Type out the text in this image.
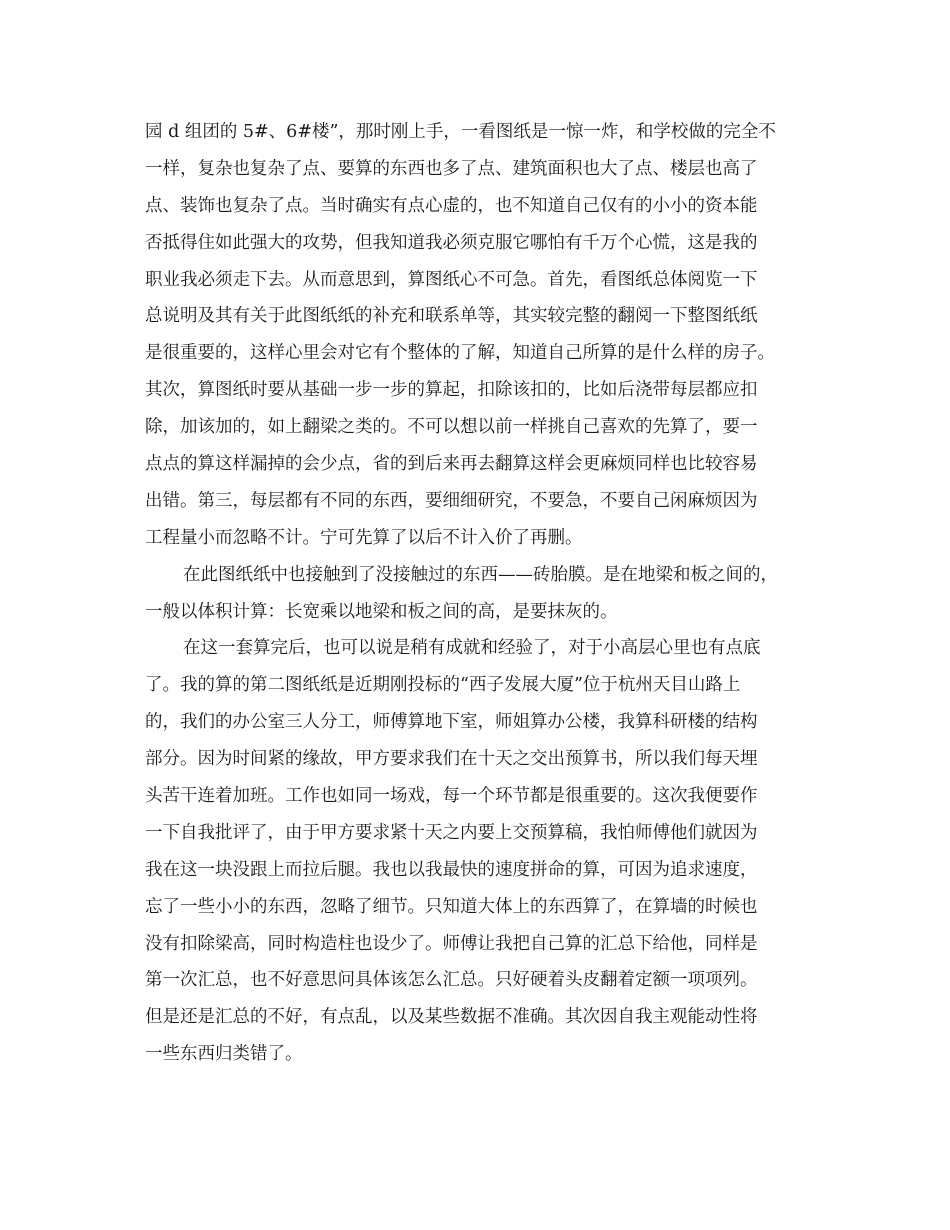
园 d 组团的 5#、6#楼”，那时刚上手，一看图纸是一惊一炸，和学校做的完全不
一样，复杂也复杂了点、要算的东西也多了点、建筑面积也大了点、楼层也高了
点、装饰也复杂了点。当时确实有点心虚的，也不知道自己仅有的小小的资本能
否抵得住如此强大的攻势，但我知道我必须克服它哪怕有千万个心慌，这是我的
职业我必须走下去。从而意思到，算图纸心不可急。首先，看图纸总体阅览一下
总说明及其有关于此图纸纸的补充和联系单等，其实较完整的翻阅一下整图纸纸
是很重要的，这样心里会对它有个整体的了解，知道自己所算的是什么样的房子。
其次，算图纸时要从基础一步一步的算起，扣除该扣的，比如后浇带每层都应扣
除，加该加的，如上翻梁之类的。不可以想以前一样挑自己喜欢的先算了，要一
点点的算这样漏掉的会少点，省的到后来再去翻算这样会更麻烦同样也比较容易
出错。第三，每层都有不同的东西，要细细研究，不要急，不要自己闲麻烦因为
工程量小而忽略不计。宁可先算了以后不计入价了再删。
在此图纸纸中也接触到了没接触过的东西——砖胎膜。是在地梁和板之间的，
一般以体积计算：长宽乘以地梁和板之间的高，是要抹灰的。
在这一套算完后，也可以说是稍有成就和经验了，对于小高层心里也有点底
了。我的算的第二图纸纸是近期刚投标的“西子发展大厦”位于杭州天目山路上
的，我们的办公室三人分工，师傅算地下室，师姐算办公楼，我算科研楼的结构
部分。因为时间紧的缘故，甲方要求我们在十天之交出预算书，所以我们每天埋
头苦干连着加班。工作也如同一场戏，每一个环节都是很重要的。这次我便要作
一下自我批评了，由于甲方要求紧十天之内要上交预算稿，我怕师傅他们就因为
我在这一块没跟上而拉后腿。我也以我最快的速度拼命的算，可因为追求速度，
忘了一些小小的东西，忽略了细节。只知道大体上的东西算了，在算墙的时候也
没有扣除梁高，同时构造柱也设少了。师傅让我把自己算的汇总下给他，同样是
第一次汇总，也不好意思问具体该怎么汇总。只好硬着头皮翻着定额一项项列。
但是还是汇总的不好，有点乱，以及某些数据不准确。其次因自我主观能动性将
一些东西归类错了。
